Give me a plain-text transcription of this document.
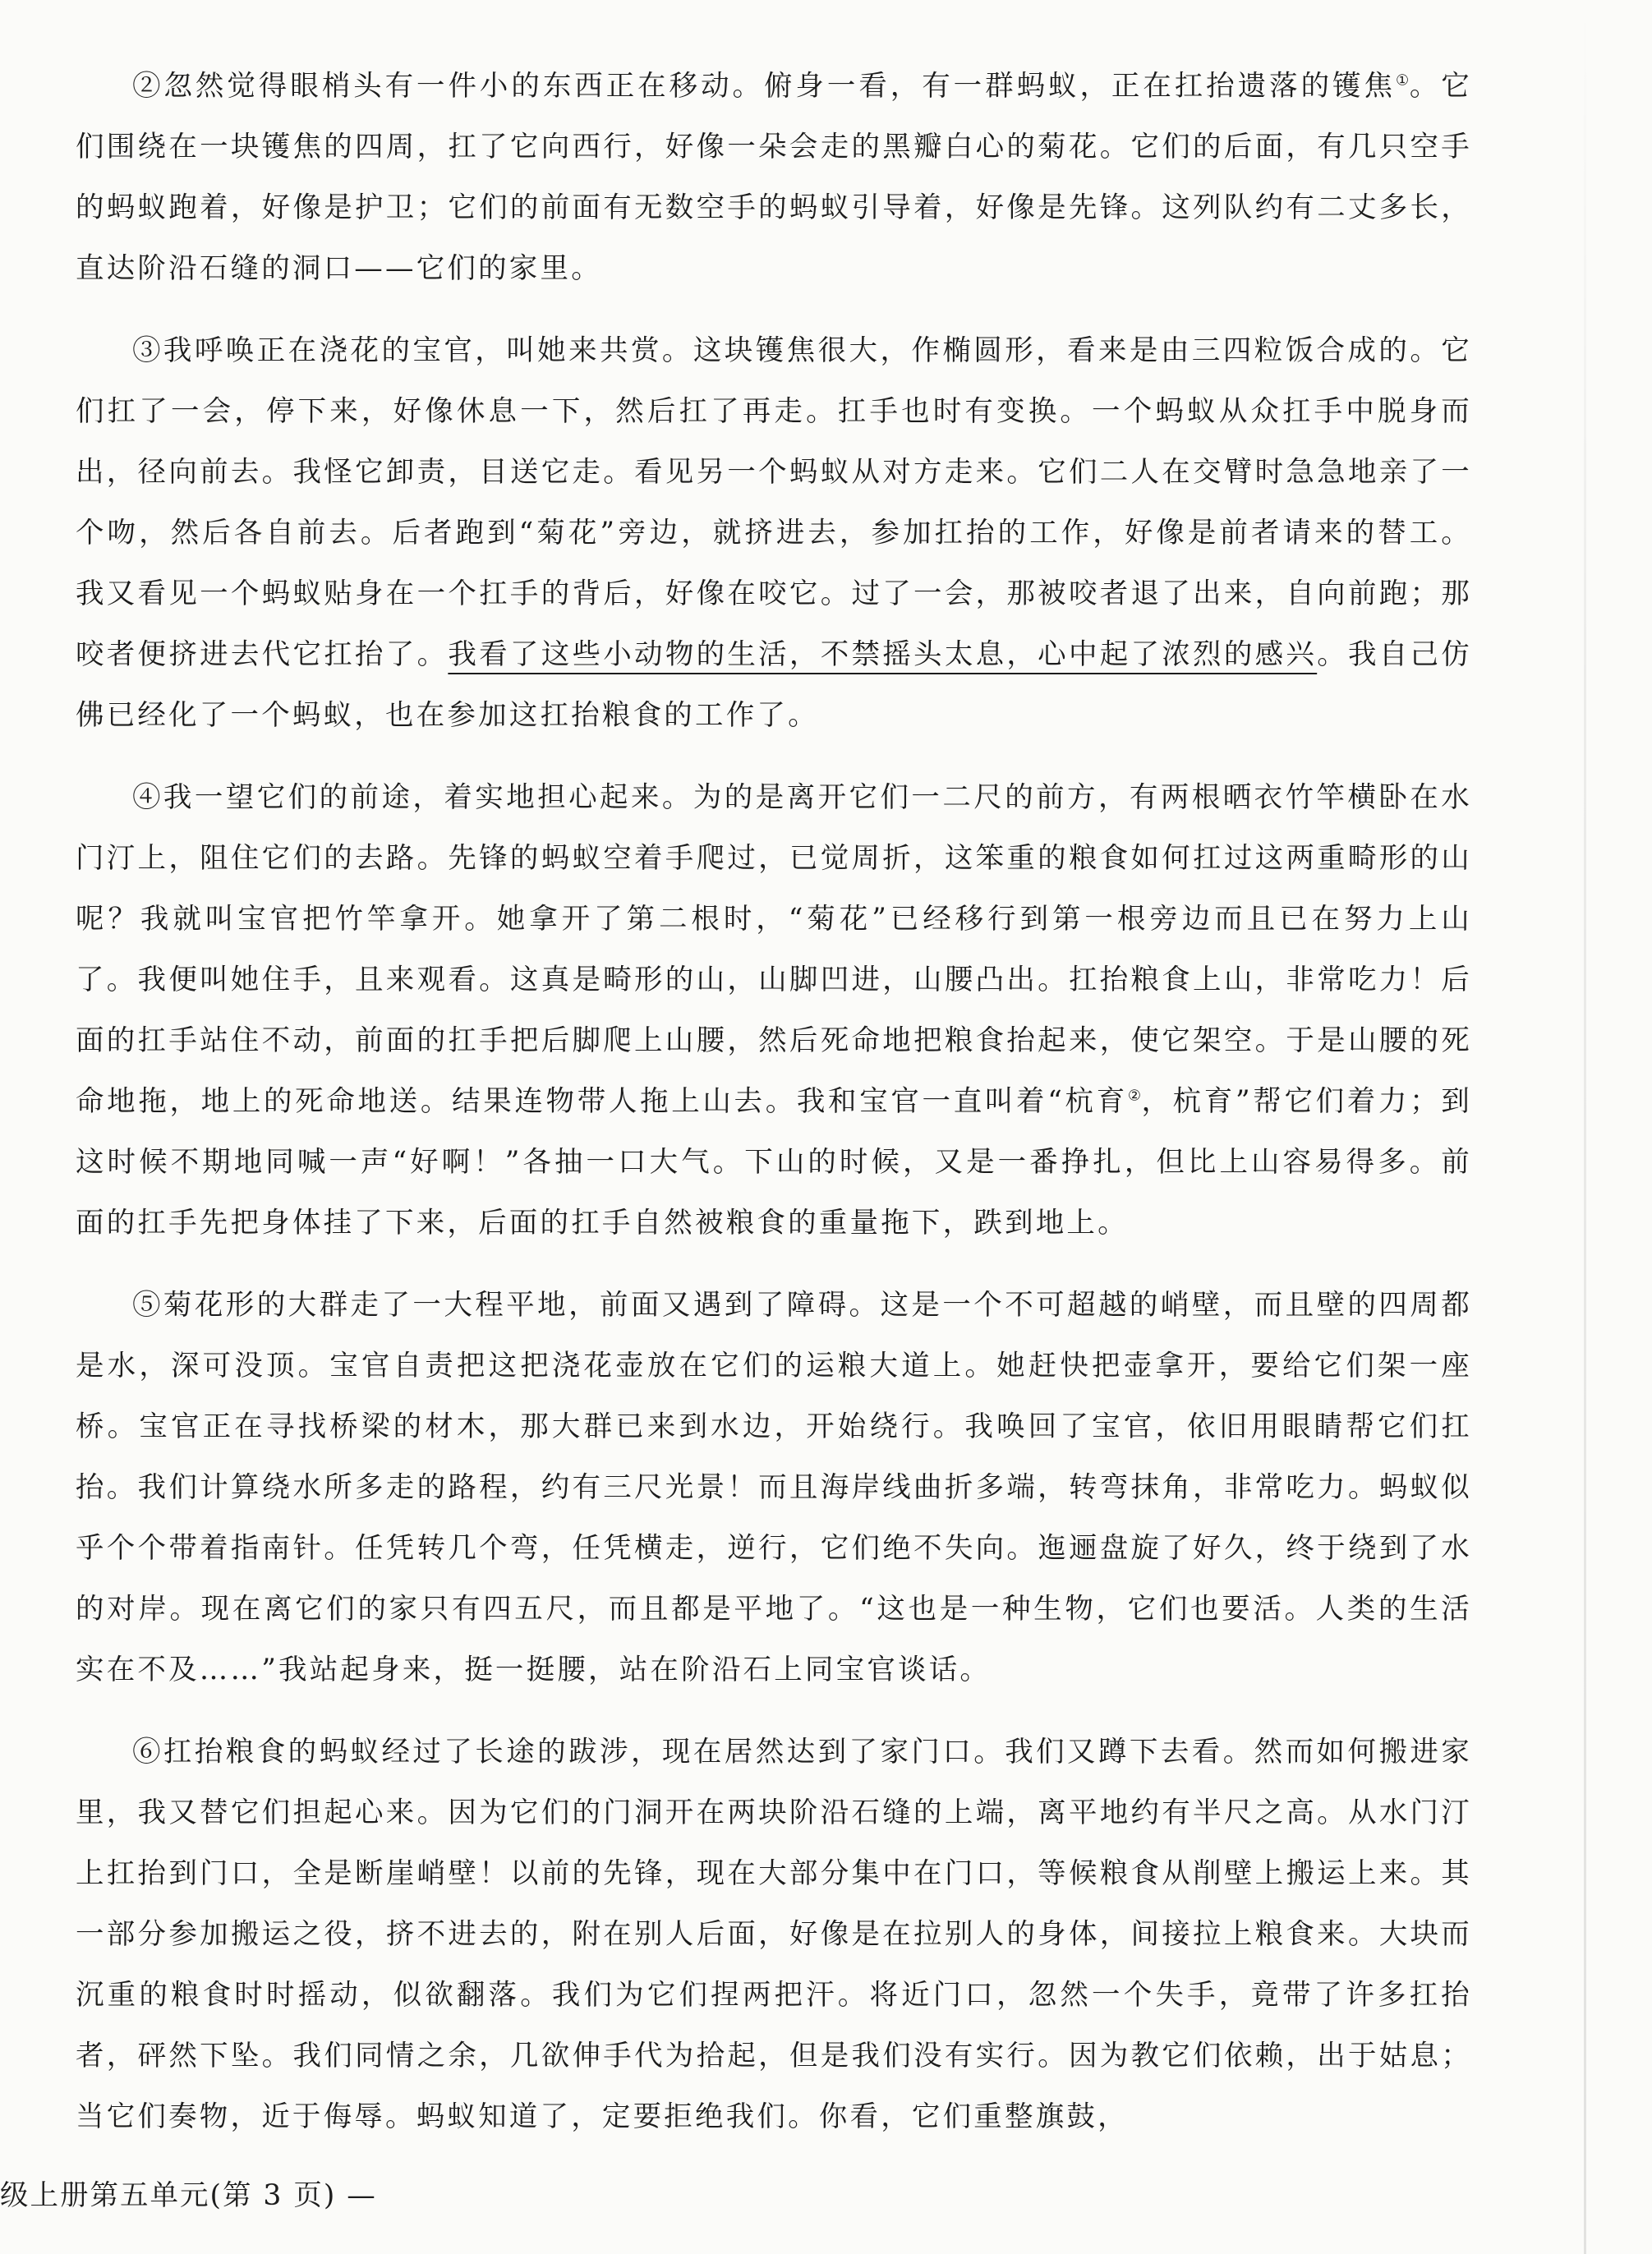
②忽然觉得眼梢头有一件小的东西正在移动。俯身一看，有一群蚂蚁，正在扛抬遗落的镬焦①。它们围绕在一块镬焦的四周，扛了它向西行，好像一朵会走的黑瓣白心的菊花。它们的后面，有几只空手的蚂蚁跑着，好像是护卫；它们的前面有无数空手的蚂蚁引导着，好像是先锋。这列队约有二丈多长，直达阶沿石缝的洞口——它们的家里。

③我呼唤正在浇花的宝官，叫她来共赏。这块镬焦很大，作椭圆形，看来是由三四粒饭合成的。它们扛了一会，停下来，好像休息一下，然后扛了再走。扛手也时有变换。一个蚂蚁从众扛手中脱身而出，径向前去。我怪它卸责，目送它走。看见另一个蚂蚁从对方走来。它们二人在交臂时急急地亲了一个吻，然后各自前去。后者跑到“菊花”旁边，就挤进去，参加扛抬的工作，好像是前者请来的替工。我又看见一个蚂蚁贴身在一个扛手的背后，好像在咬它。过了一会，那被咬者退了出来，自向前跑；那咬者便挤进去代它扛抬了。我看了这些小动物的生活，不禁摇头太息，心中起了浓烈的感兴。我自己仿佛已经化了一个蚂蚁，也在参加这扛抬粮食的工作了。

④我一望它们的前途，着实地担心起来。为的是离开它们一二尺的前方，有两根晒衣竹竿横卧在水门汀上，阻住它们的去路。先锋的蚂蚁空着手爬过，已觉周折，这笨重的粮食如何扛过这两重畸形的山呢？我就叫宝官把竹竿拿开。她拿开了第二根时，“菊花”已经移行到第一根旁边而且已在努力上山了。我便叫她住手，且来观看。这真是畸形的山，山脚凹进，山腰凸出。扛抬粮食上山，非常吃力！后面的扛手站住不动，前面的扛手把后脚爬上山腰，然后死命地把粮食抬起来，使它架空。于是山腰的死命地拖，地上的死命地送。结果连物带人拖上山去。我和宝官一直叫着“杭育②，杭育”帮它们着力；到这时候不期地同喊一声“好啊！”各抽一口大气。下山的时候，又是一番挣扎，但比上山容易得多。前面的扛手先把身体挂了下来，后面的扛手自然被粮食的重量拖下，跌到地上。

⑤菊花形的大群走了一大程平地，前面又遇到了障碍。这是一个不可超越的峭壁，而且壁的四周都是水，深可没顶。宝官自责把这把浇花壶放在它们的运粮大道上。她赶快把壶拿开，要给它们架一座桥。宝官正在寻找桥梁的材木，那大群已来到水边，开始绕行。我唤回了宝官，依旧用眼睛帮它们扛抬。我们计算绕水所多走的路程，约有三尺光景！而且海岸线曲折多端，转弯抹角，非常吃力。蚂蚁似乎个个带着指南针。任凭转几个弯，任凭横走，逆行，它们绝不失向。迤逦盘旋了好久，终于绕到了水的对岸。现在离它们的家只有四五尺，而且都是平地了。“这也是一种生物，它们也要活。人类的生活实在不及……”我站起身来，挺一挺腰，站在阶沿石上同宝官谈话。

⑥扛抬粮食的蚂蚁经过了长途的跋涉，现在居然达到了家门口。我们又蹲下去看。然而如何搬进家里，我又替它们担起心来。因为它们的门洞开在两块阶沿石缝的上端，离平地约有半尺之高。从水门汀上扛抬到门口，全是断崖峭壁！以前的先锋，现在大部分集中在门口，等候粮食从削壁上搬运上来。其一部分参加搬运之役，挤不进去的，附在别人后面，好像是在拉别人的身体，间接拉上粮食来。大块而沉重的粮食时时摇动，似欲翻落。我们为它们捏两把汗。将近门口，忽然一个失手，竟带了许多扛抬者，砰然下坠。我们同情之余，几欲伸手代为拾起，但是我们没有实行。因为教它们依赖，出于姑息；当它们奏物，近于侮辱。蚂蚁知道了，定要拒绝我们。你看，它们重整旗鼓，

级上册第五单元(第 3 页) —
